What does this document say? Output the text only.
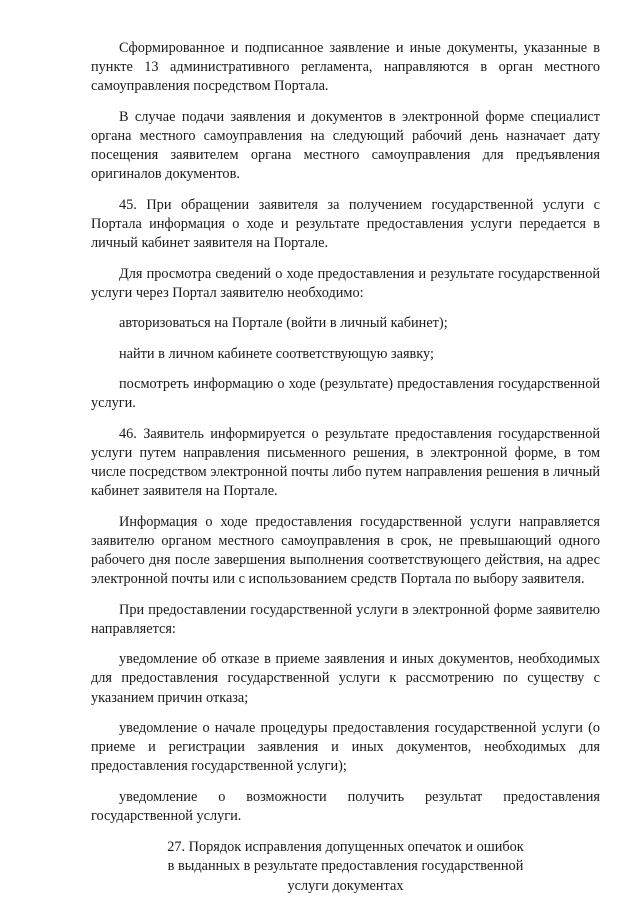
Сформированное и подписанное заявление и иные документы, указанные в пункте 13 административного регламента, направляются в орган местного самоуправления посредством Портала.

В случае подачи заявления и документов в электронной форме специалист органа местного самоуправления на следующий рабочий день назначает дату посещения заявителем органа местного самоуправления для предъявления оригиналов документов.

45. При обращении заявителя за получением государственной услуги с Портала информация о ходе и результате предоставления услуги передается в личный кабинет заявителя на Портале.

Для просмотра сведений о ходе предоставления и результате государственной услуги через Портал заявителю необходимо:

авторизоваться на Портале (войти в личный кабинет);

найти в личном кабинете соответствующую заявку;

посмотреть информацию о ходе (результате) предоставления государственной услуги.

46. Заявитель информируется о результате предоставления государственной услуги путем направления письменного решения, в электронной форме, в том числе посредством электронной почты либо путем направления решения в личный кабинет заявителя на Портале.

Информация о ходе предоставления государственной услуги направляется заявителю органом местного самоуправления в срок, не превышающий одного рабочего дня после завершения выполнения соответствующего действия, на адрес электронной почты или с использованием средств Портала по выбору заявителя.

При предоставлении государственной услуги в электронной форме заявителю направляется:

уведомление об отказе в приеме заявления и иных документов, необходимых для предоставления государственной услуги к рассмотрению по существу с указанием причин отказа;

уведомление о начале процедуры предоставления государственной услуги (о приеме и регистрации заявления и иных документов, необходимых для предоставления государственной услуги);

уведомление о возможности получить результат предоставления государственной услуги.

27. Порядок исправления допущенных опечаток и ошибок
в выданных в результате предоставления государственной
услуги документах
